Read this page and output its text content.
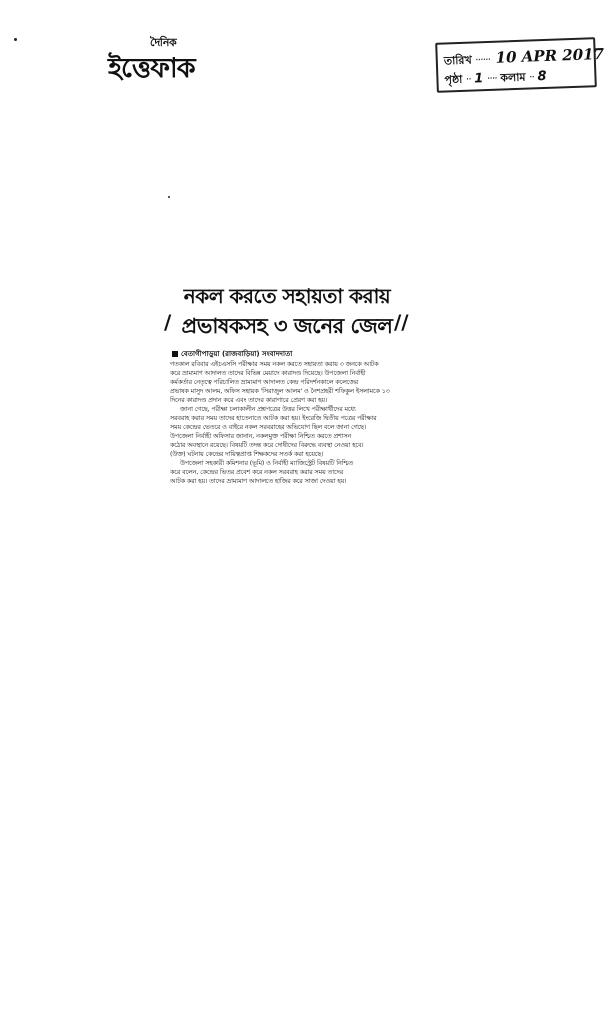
দৈনিক
ইত্তেফাক	তারিখ ······ 10 APR 2017
পৃষ্ঠা ·· 1 ···· কলাম ·· 8
নকল করতে সহায়তা করায়
প্রভাষকসহ ৩ জনের জেল
/	//
বেতাগীপাড়ুয়া (রাজবাড়িয়া) সংবাদদাতা
গতকাল রবিবার এইচএসসি পরীক্ষার সময় নকল করতে সহায়তা করায় ৩ জনকে আটক
করে ভ্রাম্যমাণ আদালত তাদের বিভিন্ন মেয়াদে কারাদণ্ড দিয়েছে। উপজেলা নির্বাহী
কর্মকর্তার নেতৃত্বে পরিচালিত ভ্রাম্যমাণ আদালত কেন্দ্র পরিদর্শনকালে কলেজের
প্রভাষক মাসুদ আলম, অফিস সহায়ক 'সিরাজুল আলম' ও নৈশপ্রহরী শফিকুল ইসলামকে ১৩
দিনের কারাদণ্ড প্রদান করে এবং তাদের কারাগারে প্রেরণ করা হয়।
জানা গেছে, পরীক্ষা চলাকালীন প্রশ্নপত্রের উত্তর লিখে পরীক্ষার্থীদের মধ্যে
সরবরাহ করার সময় তাদের হাতেনাতে আটক করা হয়। ইংরেজি দ্বিতীয় পত্রের পরীক্ষার
সময় কেন্দ্রের ভেতরে ও বাইরে নকল সরবরাহের অভিযোগ ছিল বলে জানা গেছে।
উপজেলা নির্বাহী অফিসার জানান, নকলমুক্ত পরীক্ষা নিশ্চিত করতে প্রশাসন
কঠোর অবস্থানে রয়েছে। বিষয়টি তদন্ত করে দোষীদের বিরুদ্ধে ব্যবস্থা নেওয়া হবে।
(উক্ত) ঘটনায় কেন্দ্রের দায়িত্বপ্রাপ্ত শিক্ষকদের সতর্ক করা হয়েছে।
উপজেলা সহকারী কমিশনার (ভূমি) ও নির্বাহী ম্যাজিস্ট্রেট বিষয়টি নিশ্চিত
করে বলেন, কেন্দ্রের ভিতর প্রবেশ করে নকল সরবরাহ করার সময় তাদের
আটক করা হয়। তাদের ভ্রাম্যমাণ আদালতে হাজির করে সাজা দেওয়া হয়।
